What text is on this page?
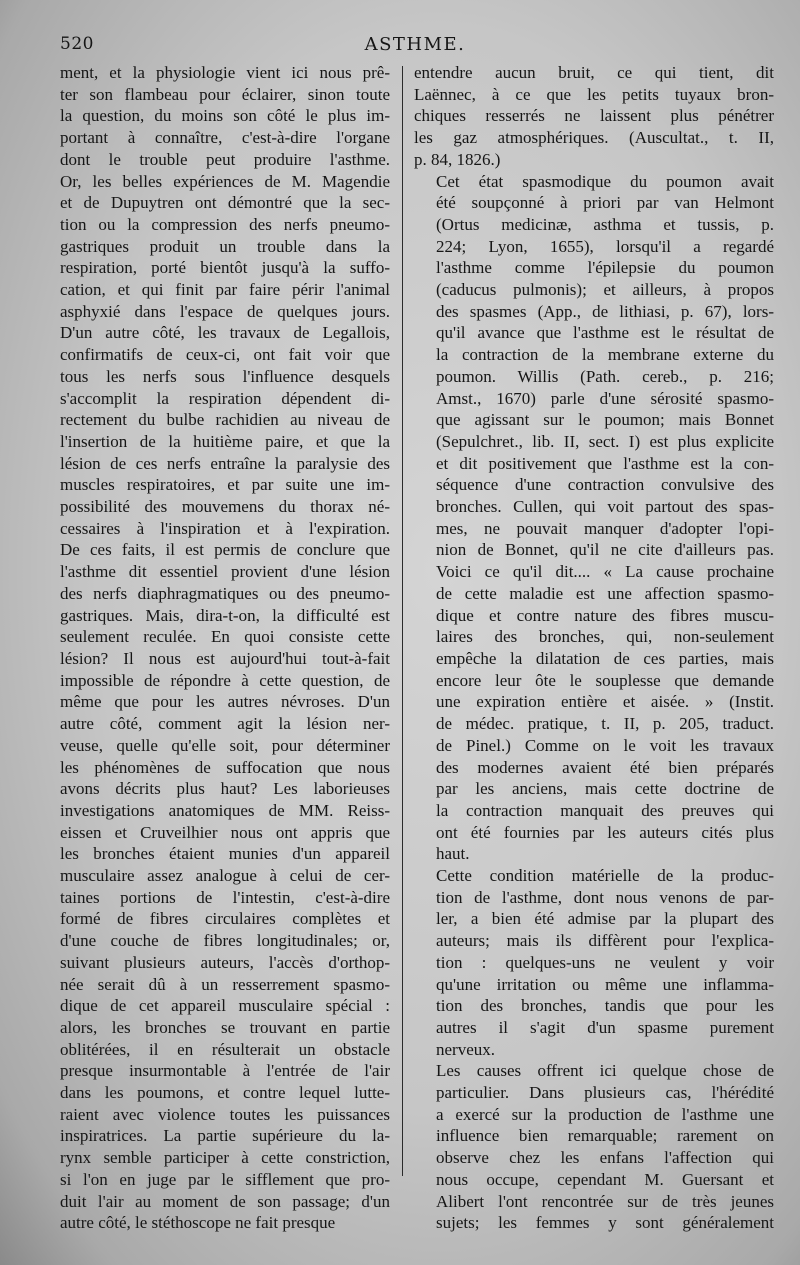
520	ASTHME.

ment, et la physiologie vient ici nous prê-
ter son flambeau pour éclairer, sinon toute
la question, du moins son côté le plus im-
portant à connaître, c'est-à-dire l'organe
dont le trouble peut produire l'asthme.
Or, les belles expériences de M. Magendie
et de Dupuytren ont démontré que la sec-
tion ou la compression des nerfs pneumo-
gastriques produit un trouble dans la
respiration, porté bientôt jusqu'à la suffo-
cation, et qui finit par faire périr l'animal
asphyxié dans l'espace de quelques jours.
D'un autre côté, les travaux de Legallois,
confirmatifs de ceux-ci, ont fait voir que
tous les nerfs sous l'influence desquels
s'accomplit la respiration dépendent di-
rectement du bulbe rachidien au niveau de
l'insertion de la huitième paire, et que la
lésion de ces nerfs entraîne la paralysie des
muscles respiratoires, et par suite une im-
possibilité des mouvemens du thorax né-
cessaires à l'inspiration et à l'expiration.
De ces faits, il est permis de conclure que
l'asthme dit essentiel provient d'une lésion
des nerfs diaphragmatiques ou des pneumo-
gastriques. Mais, dira-t-on, la difficulté est
seulement reculée. En quoi consiste cette
lésion? Il nous est aujourd'hui tout-à-fait
impossible de répondre à cette question, de
même que pour les autres névroses. D'un
autre côté, comment agit la lésion ner-
veuse, quelle qu'elle soit, pour déterminer
les phénomènes de suffocation que nous
avons décrits plus haut? Les laborieuses
investigations anatomiques de MM. Reiss-
eissen et Cruveilhier nous ont appris que
les bronches étaient munies d'un appareil
musculaire assez analogue à celui de cer-
taines portions de l'intestin, c'est-à-dire
formé de fibres circulaires complètes et
d'une couche de fibres longitudinales; or,
suivant plusieurs auteurs, l'accès d'orthop-
née serait dû à un resserrement spasmo-
dique de cet appareil musculaire spécial :
alors, les bronches se trouvant en partie
oblitérées, il en résulterait un obstacle
presque insurmontable à l'entrée de l'air
dans les poumons, et contre lequel lutte-
raient avec violence toutes les puissances
inspiratrices. La partie supérieure du la-
rynx semble participer à cette constriction,
si l'on en juge par le sifflement que pro-
duit l'air au moment de son passage; d'un
autre côté, le stéthoscope ne fait presque

entendre aucun bruit, ce qui tient, dit
Laënnec, à ce que les petits tuyaux bron-
chiques resserrés ne laissent plus pénétrer
les gaz atmosphériques. (Auscultat., t. II,
p. 84, 1826.)

Cet état spasmodique du poumon avait
été soupçonné à priori par van Helmont
(Ortus medicinæ, asthma et tussis, p.
224; Lyon, 1655), lorsqu'il a regardé
l'asthme comme l'épilepsie du poumon
(caducus pulmonis); et ailleurs, à propos
des spasmes (App., de lithiasi, p. 67), lors-
qu'il avance que l'asthme est le résultat de
la contraction de la membrane externe du
poumon. Willis (Path. cereb., p. 216;
Amst., 1670) parle d'une sérosité spasmo-
que agissant sur le poumon; mais Bonnet
(Sepulchret., lib. II, sect. I) est plus explicite
et dit positivement que l'asthme est la con-
séquence d'une contraction convulsive des
bronches. Cullen, qui voit partout des spas-
mes, ne pouvait manquer d'adopter l'opi-
nion de Bonnet, qu'il ne cite d'ailleurs pas.
Voici ce qu'il dit.... « La cause prochaine
de cette maladie est une affection spasmo-
dique et contre nature des fibres muscu-
laires des bronches, qui, non-seulement
empêche la dilatation de ces parties, mais
encore leur ôte le souplesse que demande
une expiration entière et aisée. » (Instit.
de médec. pratique, t. II, p. 205, traduct.
de Pinel.) Comme on le voit les travaux
des modernes avaient été bien préparés
par les anciens, mais cette doctrine de
la contraction manquait des preuves qui
ont été fournies par les auteurs cités plus
haut.

Cette condition matérielle de la produc-
tion de l'asthme, dont nous venons de par-
ler, a bien été admise par la plupart des
auteurs; mais ils diffèrent pour l'explica-
tion : quelques-uns ne veulent y voir
qu'une irritation ou même une inflamma-
tion des bronches, tandis que pour les
autres il s'agit d'un spasme purement
nerveux.

Les causes offrent ici quelque chose de
particulier. Dans plusieurs cas, l'hérédité
a exercé sur la production de l'asthme une
influence bien remarquable; rarement on
observe chez les enfans l'affection qui
nous occupe, cependant M. Guersant et
Alibert l'ont rencontrée sur de très jeunes
sujets; les femmes y sont généralement
